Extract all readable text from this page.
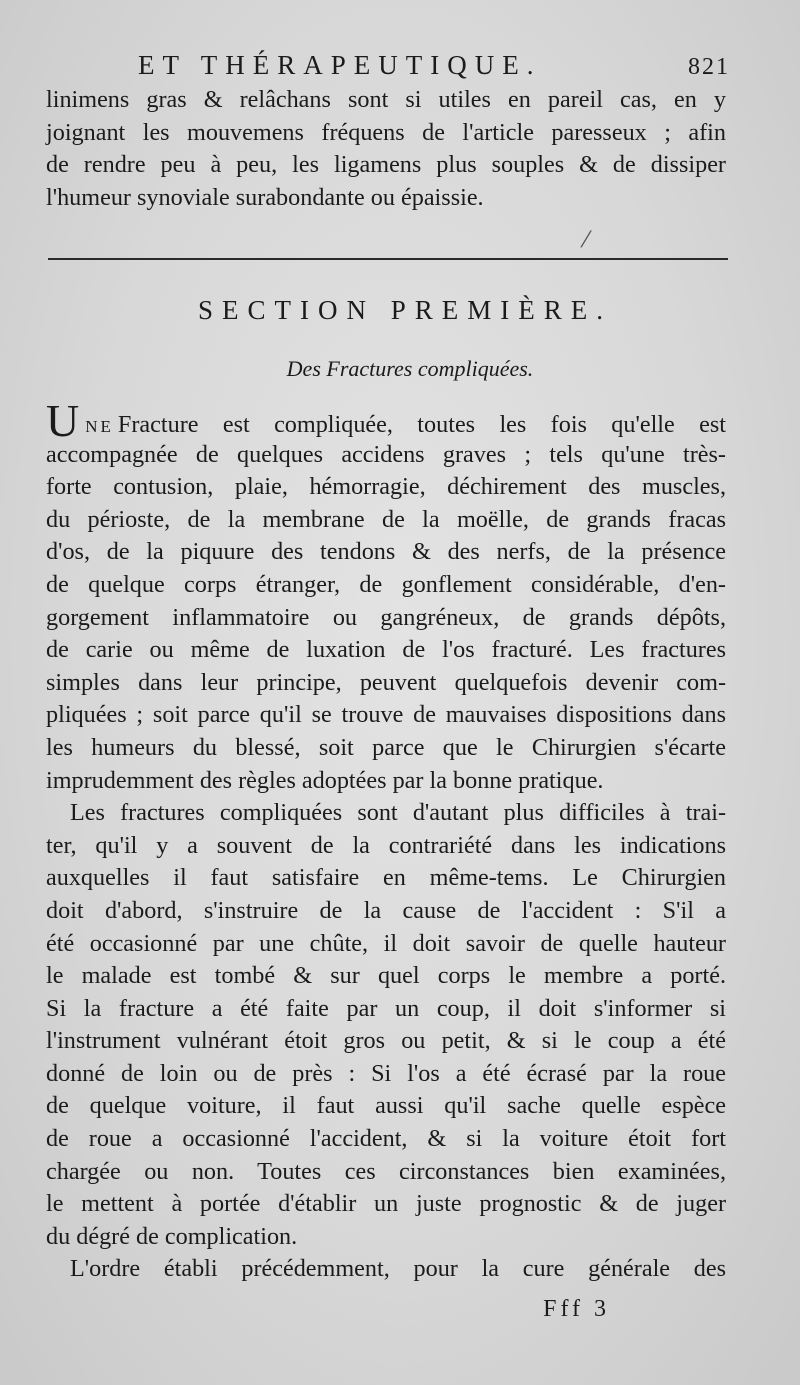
ET THÉRAPEUTIQUE.	821
linimens gras & relâchans sont si utiles en pareil cas, en y
joignant les mouvemens fréquens de l'article paresseux ; afin
de rendre peu à peu, les ligamens plus souples & de dissiper
l'humeur synoviale surabondante ou épaissie.
/
SECTION PREMIÈRE.
Des Fractures compliquées.
UNE Fracture est compliquée, toutes les fois qu'elle est
accompagnée de quelques accidens graves ; tels qu'une très-
forte contusion, plaie, hémorragie, déchirement des muscles,
du périoste, de la membrane de la moëlle, de grands fracas
d'os, de la piquure des tendons & des nerfs, de la présence
de quelque corps étranger, de gonflement considérable, d'en-
gorgement inflammatoire ou gangréneux, de grands dépôts,
de carie ou même de luxation de l'os fracturé. Les fractures
simples dans leur principe, peuvent quelquefois devenir com-
pliquées ; soit parce qu'il se trouve de mauvaises dispositions dans
les humeurs du blessé, soit parce que le Chirurgien s'écarte
imprudemment des règles adoptées par la bonne pratique.
Les fractures compliquées sont d'autant plus difficiles à trai-
ter, qu'il y a souvent de la contrariété dans les indications
auxquelles il faut satisfaire en même-tems. Le Chirurgien
doit d'abord, s'instruire de la cause de l'accident : S'il a
été occasionné par une chûte, il doit savoir de quelle hauteur
le malade est tombé & sur quel corps le membre a porté.
Si la fracture a été faite par un coup, il doit s'informer si
l'instrument vulnérant étoit gros ou petit, & si le coup a été
donné de loin ou de près : Si l'os a été écrasé par la roue
de quelque voiture, il faut aussi qu'il sache quelle espèce
de roue a occasionné l'accident, & si la voiture étoit fort
chargée ou non. Toutes ces circonstances bien examinées,
le mettent à portée d'établir un juste prognostic & de juger
du dégré de complication.
L'ordre établi précédemment, pour la cure générale des
Fff 3
